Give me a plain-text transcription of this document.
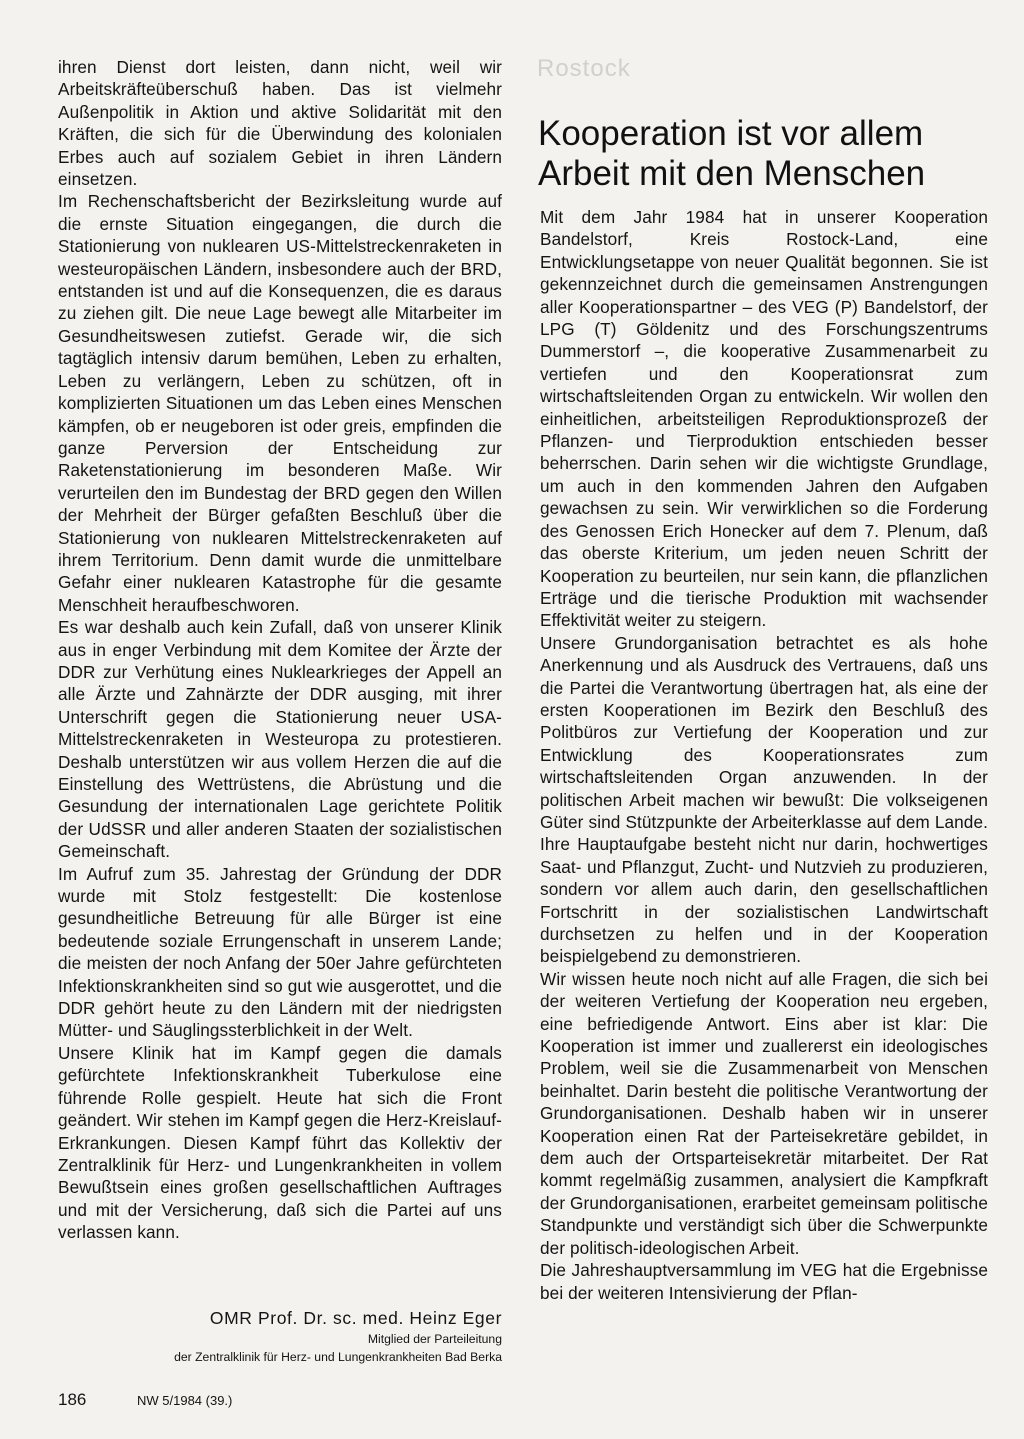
ihren Dienst dort leisten, dann nicht, weil wir Arbeitskräfteüberschuß haben. Das ist vielmehr Außenpolitik in Aktion und aktive Solidarität mit den Kräften, die sich für die Überwindung des kolonialen Erbes auch auf sozialem Gebiet in ihren Ländern einsetzen.

Im Rechenschaftsbericht der Bezirksleitung wurde auf die ernste Situation eingegangen, die durch die Stationierung von nuklearen US-Mittelstreckenraketen in westeuropäischen Ländern, insbesondere auch der BRD, entstanden ist und auf die Konsequenzen, die es daraus zu ziehen gilt. Die neue Lage bewegt alle Mitarbeiter im Gesundheitswesen zutiefst. Gerade wir, die sich tagtäglich intensiv darum bemühen, Leben zu erhalten, Leben zu verlängern, Leben zu schützen, oft in komplizierten Situationen um das Leben eines Menschen kämpfen, ob er neugeboren ist oder greis, empfinden die ganze Perversion der Entscheidung zur Raketenstationierung im besonderen Maße. Wir verurteilen den im Bundestag der BRD gegen den Willen der Mehrheit der Bürger gefaßten Beschluß über die Stationierung von nuklearen Mittelstreckenraketen auf ihrem Territorium. Denn damit wurde die unmittelbare Gefahr einer nuklearen Katastrophe für die gesamte Menschheit heraufbeschworen.

Es war deshalb auch kein Zufall, daß von unserer Klinik aus in enger Verbindung mit dem Komitee der Ärzte der DDR zur Verhütung eines Nuklearkrieges der Appell an alle Ärzte und Zahnärzte der DDR ausging, mit ihrer Unterschrift gegen die Stationierung neuer USA-Mittelstreckenraketen in Westeuropa zu protestieren. Deshalb unterstützen wir aus vollem Herzen die auf die Einstellung des Wettrüstens, die Abrüstung und die Gesundung der internationalen Lage gerichtete Politik der UdSSR und aller anderen Staaten der sozialistischen Gemeinschaft.

Im Aufruf zum 35. Jahrestag der Gründung der DDR wurde mit Stolz festgestellt: Die kostenlose gesundheitliche Betreuung für alle Bürger ist eine bedeutende soziale Errungenschaft in unserem Lande; die meisten der noch Anfang der 50er Jahre gefürchteten Infektionskrankheiten sind so gut wie ausgerottet, und die DDR gehört heute zu den Ländern mit der niedrigsten Mütter- und Säuglingssterblichkeit in der Welt.

Unsere Klinik hat im Kampf gegen die damals gefürchtete Infektionskrankheit Tuberkulose eine führende Rolle gespielt. Heute hat sich die Front geändert. Wir stehen im Kampf gegen die Herz-Kreislauf-Erkrankungen. Diesen Kampf führt das Kollektiv der Zentralklinik für Herz- und Lungenkrankheiten in vollem Bewußtsein eines großen gesellschaftlichen Auftrages und mit der Versicherung, daß sich die Partei auf uns verlassen kann.

OMR Prof. Dr. sc. med. Heinz Eger
Mitglied der Parteileitung
der Zentralklinik für Herz- und Lungenkrankheiten Bad Berka
Rostock
Kooperation ist vor allem
Arbeit mit den Menschen

Mit dem Jahr 1984 hat in unserer Kooperation Bandelstorf, Kreis Rostock-Land, eine Entwicklungsetappe von neuer Qualität begonnen. Sie ist gekennzeichnet durch die gemeinsamen Anstrengungen aller Kooperationspartner – des VEG (P) Bandelstorf, der LPG (T) Göldenitz und des Forschungszentrums Dummerstorf –, die kooperative Zusammenarbeit zu vertiefen und den Kooperationsrat zum wirtschaftsleitenden Organ zu entwickeln. Wir wollen den einheitlichen, arbeitsteiligen Reproduktionsprozeß der Pflanzen- und Tierproduktion entschieden besser beherrschen. Darin sehen wir die wichtigste Grundlage, um auch in den kommenden Jahren den Aufgaben gewachsen zu sein. Wir verwirklichen so die Forderung des Genossen Erich Honecker auf dem 7. Plenum, daß das oberste Kriterium, um jeden neuen Schritt der Kooperation zu beurteilen, nur sein kann, die pflanzlichen Erträge und die tierische Produktion mit wachsender Effektivität weiter zu steigern.

Unsere Grundorganisation betrachtet es als hohe Anerkennung und als Ausdruck des Vertrauens, daß uns die Partei die Verantwortung übertragen hat, als eine der ersten Kooperationen im Bezirk den Beschluß des Politbüros zur Vertiefung der Kooperation und zur Entwicklung des Kooperationsrates zum wirtschaftsleitenden Organ anzuwenden. In der politischen Arbeit machen wir bewußt: Die volkseigenen Güter sind Stützpunkte der Arbeiterklasse auf dem Lande. Ihre Hauptaufgabe besteht nicht nur darin, hochwertiges Saat- und Pflanzgut, Zucht- und Nutzvieh zu produzieren, sondern vor allem auch darin, den gesellschaftlichen Fortschritt in der sozialistischen Landwirtschaft durchsetzen zu helfen und in der Kooperation beispielgebend zu demonstrieren.

Wir wissen heute noch nicht auf alle Fragen, die sich bei der weiteren Vertiefung der Kooperation neu ergeben, eine befriedigende Antwort. Eins aber ist klar: Die Kooperation ist immer und zuallererst ein ideologisches Problem, weil sie die Zusammenarbeit von Menschen beinhaltet. Darin besteht die politische Verantwortung der Grundorganisationen. Deshalb haben wir in unserer Kooperation einen Rat der Parteisekretäre gebildet, in dem auch der Ortsparteisekretär mitarbeitet. Der Rat kommt regelmäßig zusammen, analysiert die Kampfkraft der Grundorganisationen, erarbeitet gemeinsam politische Standpunkte und verständigt sich über die Schwerpunkte der politisch-ideologischen Arbeit.

Die Jahreshauptversammlung im VEG hat die Ergebnisse bei der weiteren Intensivierung der Pflan-

186	NW 5/1984 (39.)
